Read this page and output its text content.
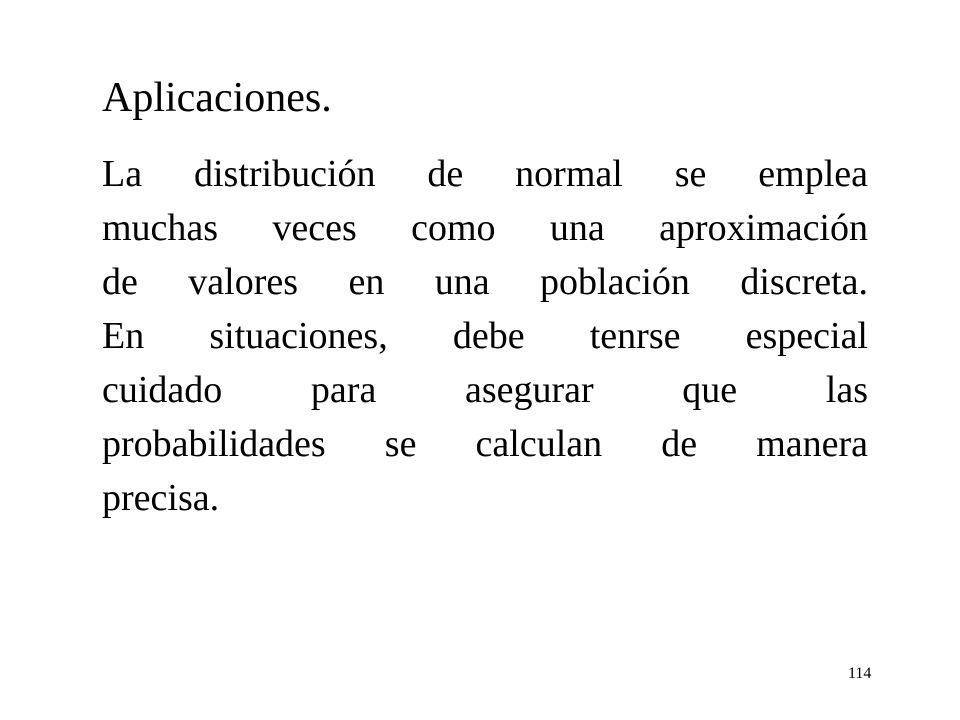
Aplicaciones.
La distribución de normal se emplea
muchas veces como una aproximación
de valores en una población discreta.
En situaciones, debe tenrse especial
cuidado para asegurar que las
probabilidades se calculan de manera
precisa.
114
